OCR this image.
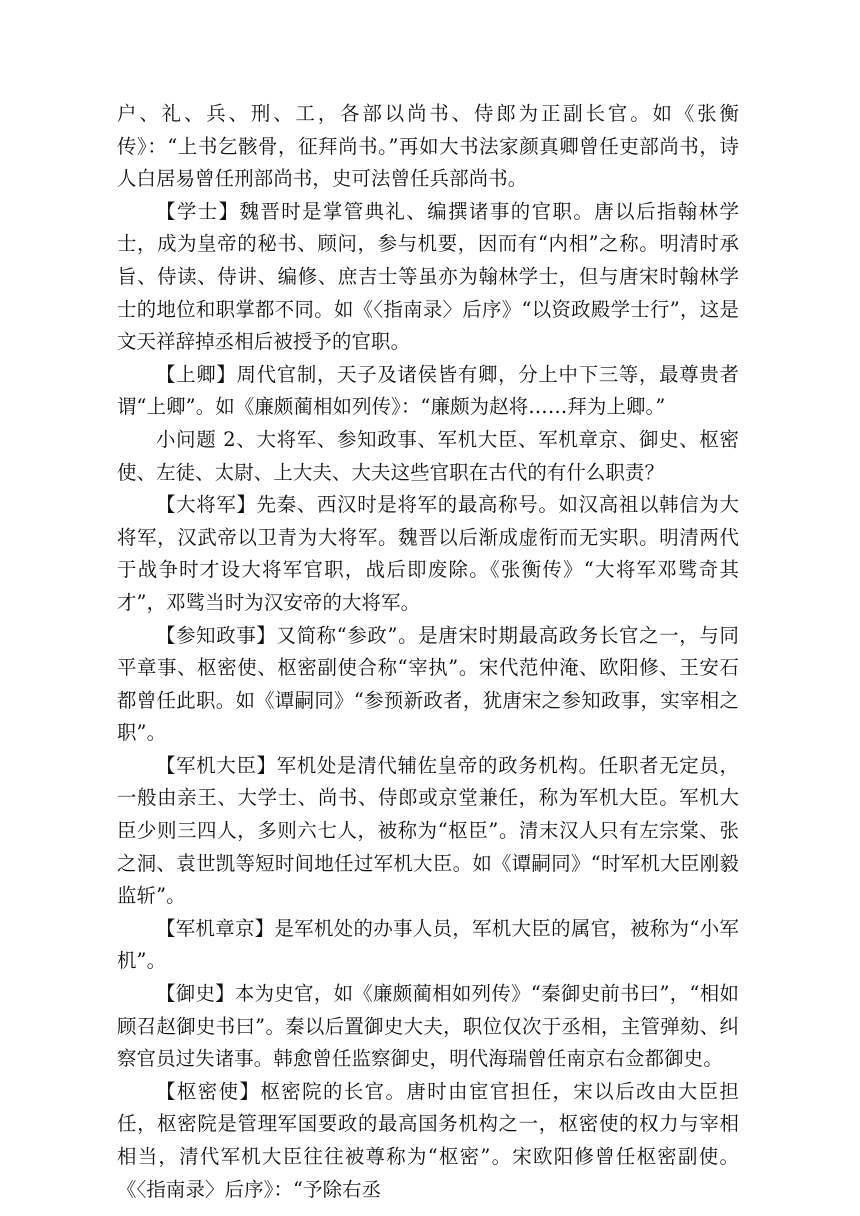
户、礼、兵、刑、工，各部以尚书、侍郎为正副长官。如《张衡传》：“上书乞骸骨，征拜尚书。”再如大书法家颜真卿曾任吏部尚书，诗人白居易曾任刑部尚书，史可法曾任兵部尚书。

【学士】魏晋时是掌管典礼、编撰诸事的官职。唐以后指翰林学士，成为皇帝的秘书、顾问，参与机要，因而有“内相”之称。明清时承旨、侍读、侍讲、编修、庶吉士等虽亦为翰林学士，但与唐宋时翰林学士的地位和职掌都不同。如《〈指南录〉后序》“以资政殿学士行”，这是文天祥辞掉丞相后被授予的官职。

【上卿】周代官制，天子及诸侯皆有卿，分上中下三等，最尊贵者谓“上卿”。如《廉颇蔺相如列传》：“廉颇为赵将……拜为上卿。”

小问题 2、大将军、参知政事、军机大臣、军机章京、御史、枢密使、左徒、太尉、上大夫、大夫这些官职在古代的有什么职责？

【大将军】先秦、西汉时是将军的最高称号。如汉高祖以韩信为大将军，汉武帝以卫青为大将军。魏晋以后渐成虚衔而无实职。明清两代于战争时才设大将军官职，战后即废除。《张衡传》“大将军邓骘奇其才”，邓骘当时为汉安帝的大将军。

【参知政事】又简称“参政”。是唐宋时期最高政务长官之一，与同平章事、枢密使、枢密副使合称“宰执”。宋代范仲淹、欧阳修、王安石都曾任此职。如《谭嗣同》“参预新政者，犹唐宋之参知政事，实宰相之职”。

【军机大臣】军机处是清代辅佐皇帝的政务机构。任职者无定员，一般由亲王、大学士、尚书、侍郎或京堂兼任，称为军机大臣。军机大臣少则三四人，多则六七人，被称为“枢臣”。清末汉人只有左宗棠、张之洞、袁世凯等短时间地任过军机大臣。如《谭嗣同》“时军机大臣刚毅监斩”。

【军机章京】是军机处的办事人员，军机大臣的属官，被称为“小军机”。

【御史】本为史官，如《廉颇蔺相如列传》“秦御史前书曰”，“相如顾召赵御史书曰”。秦以后置御史大夫，职位仅次于丞相，主管弹劾、纠察官员过失诸事。韩愈曾任监察御史，明代海瑞曾任南京右佥都御史。

【枢密使】枢密院的长官。唐时由宦官担任，宋以后改由大臣担任，枢密院是管理军国要政的最高国务机构之一，枢密使的权力与宰相相当，清代军机大臣往往被尊称为“枢密”。宋欧阳修曾任枢密副使。《〈指南录〉后序》：“予除右丞
